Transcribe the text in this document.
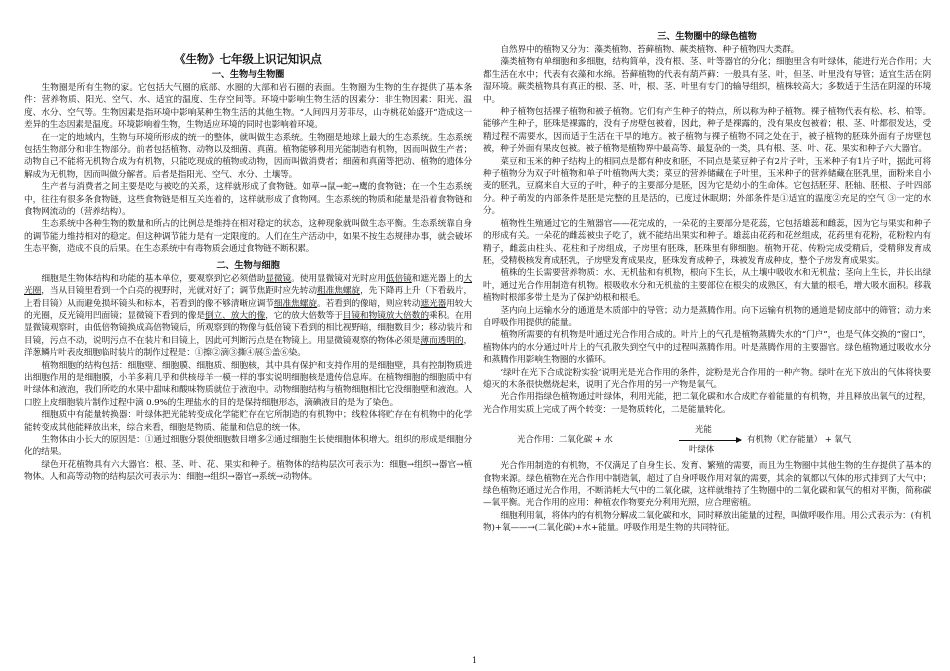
《生物》七年级上识记知识点
一、生物与生物圈

生物圈是所有生物的家。它包括大气圈的底部、水圈的大部和岩石圈的表面。生物圈为生物的生存提供了基本条件：营养物质、阳光、空气、水、适宜的温度、生存空间等。环境中影响生物生活的因素分：非生物因素：阳光、温度、水分、空气等。生物因素是指环境中影响某种生物生活的其他生物。“人间四月芳菲尽，山寺桃花始盛开”造成这一差异的生态因素是温度。环境影响着生物，生物适应环境的同时也影响着环境。

在一定的地域内，生物与环境所形成的统一的整体，就叫做生态系统。生物圈是地球上最大的生态系统。生态系统包括生物部分和非生物部分。前者包括植物、动物以及细菌、真菌。植物能够利用光能制造有机物，因而叫做生产者；动物自己不能将无机物合成为有机物，只能吃现成的植物或动物，因而叫做消费者；细菌和真菌等把动、植物的遗体分解成为无机物，因而叫做分解者。后者是指阳光、空气、水分、土壤等。

生产者与消费者之间主要是吃与被吃的关系，这样就形成了食物链。如草→鼠→蛇→鹰的食物链；在一个生态系统中，往往有很多条食物链，这些食物链是相互关连着的，这样就形成了食物网。生态系统的物质和能量是沿着食物链和食物网流动的（营养结构）。

生态系统中各种生物的数量和所占的比例总是维持在相对稳定的状态，这种现象就叫做生态平衡。生态系统靠自身的调节能力维持相对的稳定。但这种调节能力是有一定限度的。人们在生产活动中，如果不按生态规律办事，就会破坏生态平衡，造成不良的后果。在生态系统中有毒物质会通过食物链不断积累。

二、生物与细胞

细胞是生物体结构和功能的基本单位，要观察到它必须借助显微镜。使用显微镜对光时应用低倍镜和遮光器上的大光圈，当从目镜里看到一个白亮的视野时，光就对好了；调节焦距时应先转动粗准焦螺旋，先下降再上升（下看载片，上看目镜）从而避免损坏镜头和标本，若看到的像不够清晰应调节细准焦螺旋。若看到的像暗，则应转动遮光器用较大的光圈，反光镜用凹面镜；显微镜下看到的像是倒立、放大的像，它的放大倍数等于目镜和物镜放大倍数的乘积。在用显微镜观察时，由低倍物镜换成高倍物镜后，所观察到的物像与低倍镜下看到的相比视野暗，细胞数目少；移动装片和目镜，污点不动，说明污点不在装片和目镜上，因此可判断污点是在物镜上。用显微镜观察的物体必须是薄而透明的，洋葱鳞片叶表皮细胞临时装片的制作过程是：①擦②滴③撕④展⑤盖⑥染。

植物细胞的结构包括：细胞壁、细胞膜、细胞质、细胞核，其中具有保护和支持作用的是细胞壁，具有控制物质进出细胞作用的是细胞膜，小羊多莉几乎和供核母羊一模一样的事实说明细胞核是遗传信息库。在植物细胞的细胞质中有叶绿体和液泡，我们所吃的水果中甜味和酸味物质就位于液泡中。动物细胞结构与植物细胞相比它没细胞壁和液泡。人口腔上皮细胞装片制作过程中滴 0.9%的生理盐水的目的是保持细胞形态，滴碘液目的是为了染色。

细胞质中有能量转换器：叶绿体把光能转变成化学能贮存在它所制造的有机物中；线粒体将贮存在有机物中的化学能转变成其他能释放出来，综合来看，细胞是物质、能量和信息的统一体。

生物体由小长大的原因是：①通过细胞分裂使细胞数目增多②通过细胞生长使细胞体积增大。组织的形成是细胞分化的结果。

绿色开花植物具有六大器官：根、茎、叶、花、果实和种子。植物体的结构层次可表示为：细胞→组织→器官→植物体。人和高等动物的结构层次可表示为：细胞→组织→器官→系统→动物体。

三、生物圈中的绿色植物

自然界中的植物又分为：藻类植物、苔藓植物、蕨类植物、种子植物四大类群。

藻类植物有单细胞和多细胞，结构简单，没有根、茎、叶等器官的分化；细胞里含有叶绿体，能进行光合作用；大都生活在水中；代表有衣藻和水绵。苔藓植物的代表有葫芦藓：一般具有茎、叶，但茎、叶里没有导管；适宜生活在阴湿环境。蕨类植物具有真正的根、茎、叶，根、茎、叶里有专门的输导组织，植株较高大；多数适于生活在阴湿的环境中。

种子植物包括裸子植物和被子植物。它们有产生种子的特点，所以称为种子植物。裸子植物代表有松、杉、柏等。能够产生种子，胚珠是裸露的，没有子房壁包被着，因此，种子是裸露的，没有果皮包被着；根、茎、叶都很发达，受精过程不需要水，因而适于生活在干旱的地方。被子植物与裸子植物不同之处在于，被子植物的胚珠外面有子房壁包被，种子外面有果皮包被。被子植物是植物界中最高等、最复杂的一类，具有根、茎、叶、花、果实和种子六大器官。

菜豆和玉米的种子结构上的相同点是都有种皮和胚，不同点是菜豆种子有2片子叶，玉米种子有1片子叶，据此可将种子植物分为双子叶植物和单子叶植物两大类；菜豆的营养储藏在子叶里，玉米种子的营养储藏在胚乳里，面粉来自小麦的胚乳，豆腐来自大豆的子叶，种子的主要部分是胚，因为它是幼小的生命体。它包括胚芽、胚轴、胚根、子叶四部分。种子萌发的内部条件是胚是完整的且是活的，已度过休眠期；外部条件是①适宜的温度②充足的空气 ③一定的水分。

植物性生殖通过它的生殖器官——花完成的，一朵花的主要部分是花蕊，它包括雄蕊和雌蕊，因为它与果实和种子的形成有关。一朵花的雌蕊被虫子吃了，就不能结出果实和种子。雄蕊由花药和花丝组成，花药里有花粉，花粉粒内有精子，雌蕊由柱头、花柱和子房组成，子房里有胚珠，胚珠里有卵细胞。植物开花、传粉完成受精后，受精卵发育成胚，受精极核发育成胚乳，子房壁发育成果皮，胚珠发育成种子，珠被发育成种皮，整个子房发育成果实。

植株的生长需要营养物质：水、无机盐和有机物，根向下生长，从土壤中吸收水和无机盐；茎向上生长，并长出绿叶，通过光合作用制造有机物。根吸收水分和无机盐的主要部位在根尖的成熟区，有大量的根毛，增大吸水面积。移栽植物时根部多带土是为了保护幼根和根毛。

茎内向上运输水分的通道是木质部中的导管；动力是蒸腾作用。向下运输有机物的通道是韧皮部中的筛管；动力来自呼吸作用提供的能量。

植物所需要的有机物是叶通过光合作用合成的。叶片上的气孔是植物蒸腾失水的“门户”，也是气体交换的“窗口”，植物体内的水分通过叶片上的气孔散失到空气中的过程叫蒸腾作用。叶是蒸腾作用的主要器官。绿色植物通过吸收水分和蒸腾作用影响生物圈的水循环。

‘绿叶在光下合成淀粉实验’说明光是光合作用的条件，淀粉是光合作用的一种产物。绿叶在光下放出的气体将快要熄灭的木条很快燃烧起来，说明了光合作用的另一产物是氧气。

光合作用指绿色植物通过叶绿体，利用光能，把二氧化碳和水合成贮存着能量的有机物，并且释放出氧气的过程，光合作用实质上完成了两个转变：一是物质转化，二是能量转化。

光合作用：二氧化碳 + 水
光能
叶绿体
有机物（贮存能量） + 氧气

光合作用制造的有机物，不仅满足了自身生长、发育、繁殖的需要，而且为生物圈中其他生物的生存提供了基本的食物来源。绿色植物在光合作用中制造氧，超过了自身呼吸作用对氧的需要，其余的氧都以气体的形式排到了大气中；绿色植物还通过光合作用，不断消耗大气中的二氧化碳，这样就维持了生物圈中的二氧化碳和氧气的相对平衡，简称碳—氧平衡。光合作用的应用：种植农作物要充分利用光照，应合理密植。

细胞利用氧，将体内的有机物分解成二氧化碳和水，同时释放出能量的过程，叫做呼吸作用。用公式表示为：(有机物)+氧——→(二氧化碳)+水+能量。呼吸作用是生物的共同特征。

1
